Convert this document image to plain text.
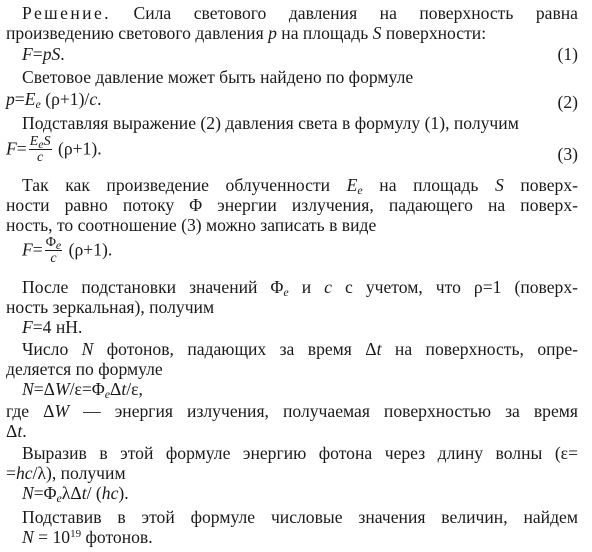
Решение. Сила светового давления на поверхность равна
произведению светового давления p на площадь S поверхности:
F=pS.	(1)
Световое давление может быть найдено по формуле
$p=E_e$ (ρ+1)/c.	(2)
Подставляя выражение (2) давления света в формулу (1), получим
$F= \frac{E_eS}{c} (\rho+1)$.	(3)
Так как произведение облученности $E_e$ на площадь S поверх-
ности равно потоку Φ энергии излучения, падающего на поверх-
ность, то соотношение (3) можно записать в виде
$F= \frac{\Phi_e}{c} (\rho+1)$.
После подстановки значений $\Phi_e$ и c с учетом, что ρ=1 (поверх-
ность зеркальная), получим
F=4 нН.
Число N фотонов, падающих за время Δt на поверхность, опре-
деляется по формуле
$N=\Delta W/\varepsilon=\Phi_e\Delta t/\varepsilon$,
где ΔW — энергия излучения, получаемая поверхностью за время
Δt.
Выразив в этой формуле энергию фотона через длину волны (ε=
=hc/λ), получим
$N=\Phi_e\lambda\Delta t/$ (hc).
Подставив в этой формуле числовые значения величин, найдем
$N = 10^{19}$ фотонов.
